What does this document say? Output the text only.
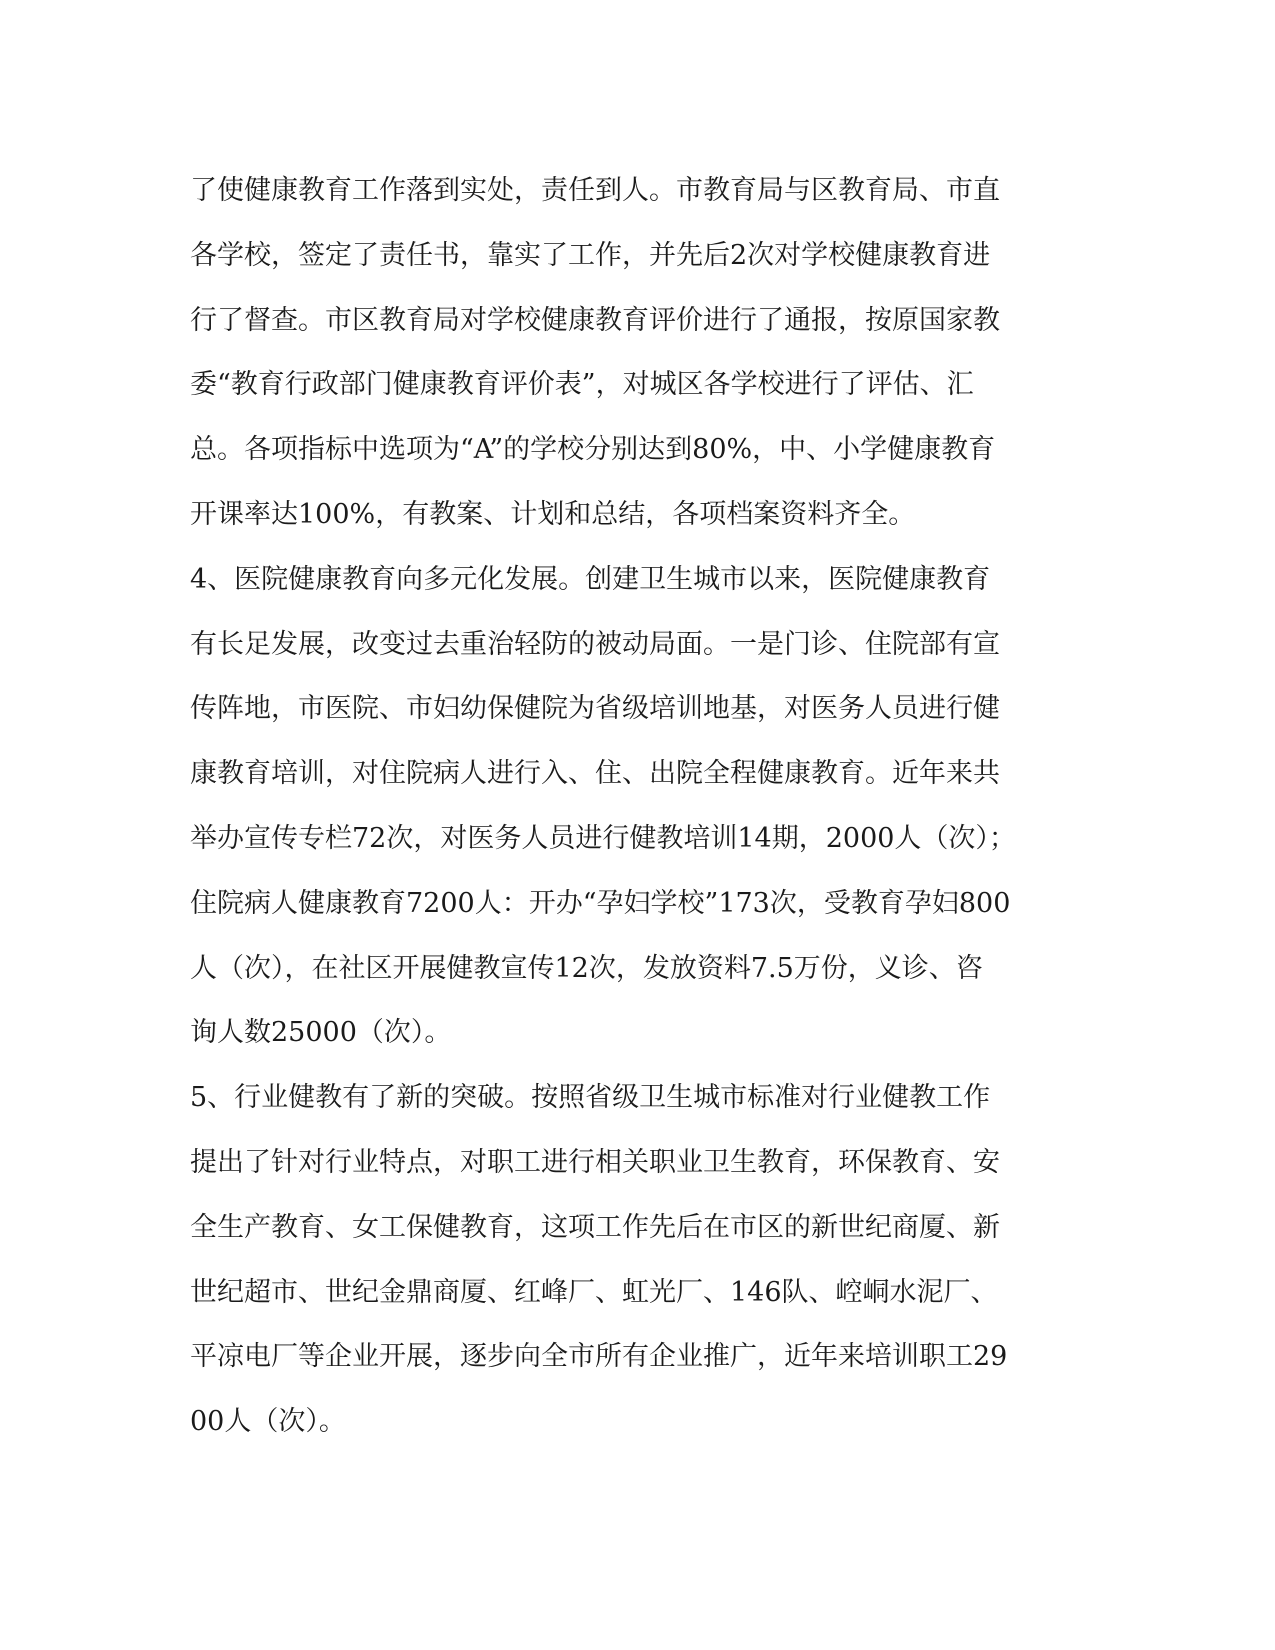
了使健康教育工作落到实处，责任到人。市教育局与区教育局、市直
各学校，签定了责任书，靠实了工作，并先后2次对学校健康教育进
行了督查。市区教育局对学校健康教育评价进行了通报，按原国家教
委“教育行政部门健康教育评价表”，对城区各学校进行了评估、汇
总。各项指标中选项为“A”的学校分别达到80%，中、小学健康教育
开课率达100%，有教案、计划和总结，各项档案资料齐全。
4、医院健康教育向多元化发展。创建卫生城市以来，医院健康教育
有长足发展，改变过去重治轻防的被动局面。一是门诊、住院部有宣
传阵地，市医院、市妇幼保健院为省级培训地基，对医务人员进行健
康教育培训，对住院病人进行入、住、出院全程健康教育。近年来共
举办宣传专栏72次，对医务人员进行健教培训14期，2000人（次）；
住院病人健康教育7200人：开办“孕妇学校”173次，受教育孕妇800
人（次），在社区开展健教宣传12次，发放资料7.5万份，义诊、咨
询人数25000（次）。
5、行业健教有了新的突破。按照省级卫生城市标准对行业健教工作
提出了针对行业特点，对职工进行相关职业卫生教育，环保教育、安
全生产教育、女工保健教育，这项工作先后在市区的新世纪商厦、新
世纪超市、世纪金鼎商厦、红峰厂、虹光厂、146队、崆峒水泥厂、
平凉电厂等企业开展，逐步向全市所有企业推广，近年来培训职工29
00人（次）。
